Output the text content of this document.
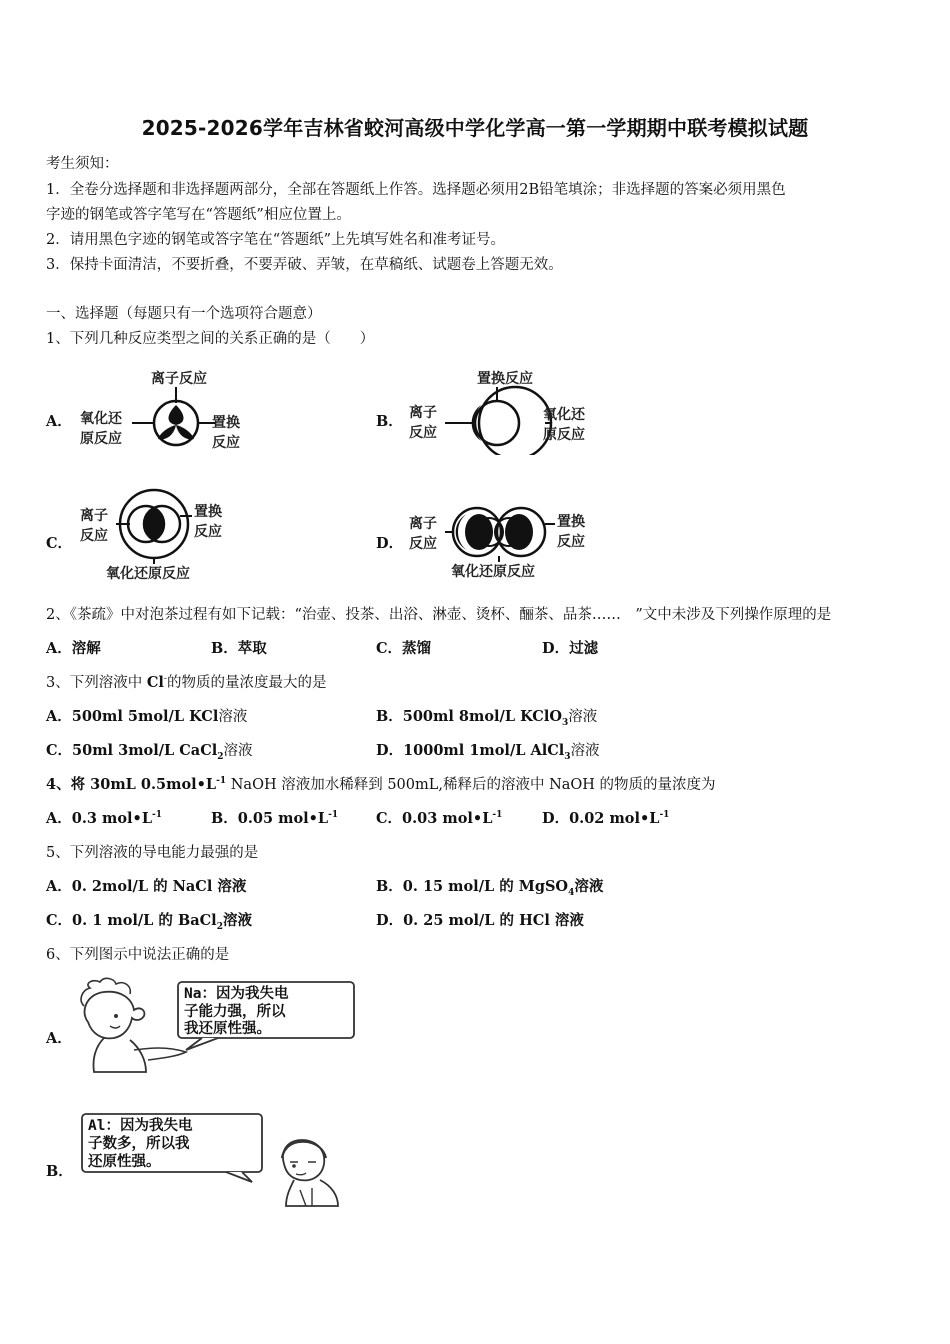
2025-2026学年吉林省蛟河高级中学化学高一第一学期期中联考模拟试题
考生须知：
1．全卷分选择题和非选择题两部分，全部在答题纸上作答。选择题必须用2B铅笔填涂；非选择题的答案必须用黑色
字迹的钢笔或答字笔写在“答题纸”相应位置上。
2．请用黑色字迹的钢笔或答字笔在“答题纸”上先填写姓名和准考证号。
3．保持卡面清洁，不要折叠，不要弄破、弄皱，在草稿纸、试题卷上答题无效。
一、选择题（每题只有一个选项符合题意）
1、下列几种反应类型之间的关系正确的是（　　）
A．
离子反应
氧化还
原反应
置换
反应
B．
置换反应
离子
反应
氧化还
原反应
C．
离子
反应
置换
反应
氧化还原反应
D．
离子
反应
置换
反应
氧化还原反应
2、《茶疏》中对泡茶过程有如下记载：“治壶、投茶、出浴、淋壶、烫杯、酾茶、品茶……　”文中未涉及下列操作原理的是
A．溶解	B．萃取	C．蒸馏	D．过滤
3、下列溶液中 Cl-的物质的量浓度最大的是
A．500ml 5mol/L KCl溶液	B．500ml 8mol/L KClO$_3$溶液
C．50ml 3mol/L CaCl$_2$溶液	D．1000ml 1mol/L AlCl$_3$溶液
4、将 30mL $0.5mol•L^{-1}$ NaOH 溶液加水稀释到 500mL,稀释后的溶液中 NaOH 的物质的量浓度为
A．0.3 $mol•L^{-1}$	B．0.05 $mol•L^{-1}$	C．0.03 $mol•L^{-1}$	D．0.02 $mol•L^{-1}$
5、下列溶液的导电能力最强的是
A．0. 2mol/L 的 NaCl 溶液	B．0. 15 mol/L 的 MgSO$_4$溶液
C．0. 1 mol/L 的 BaCl$_2$溶液	D．0. 25 mol/L 的 HCl 溶液
6、下列图示中说法正确的是
A．
Na：因为我失电
子能力强，所以
我还原性强。
B．
Al：因为我失电
子数多，所以我
还原性强。
